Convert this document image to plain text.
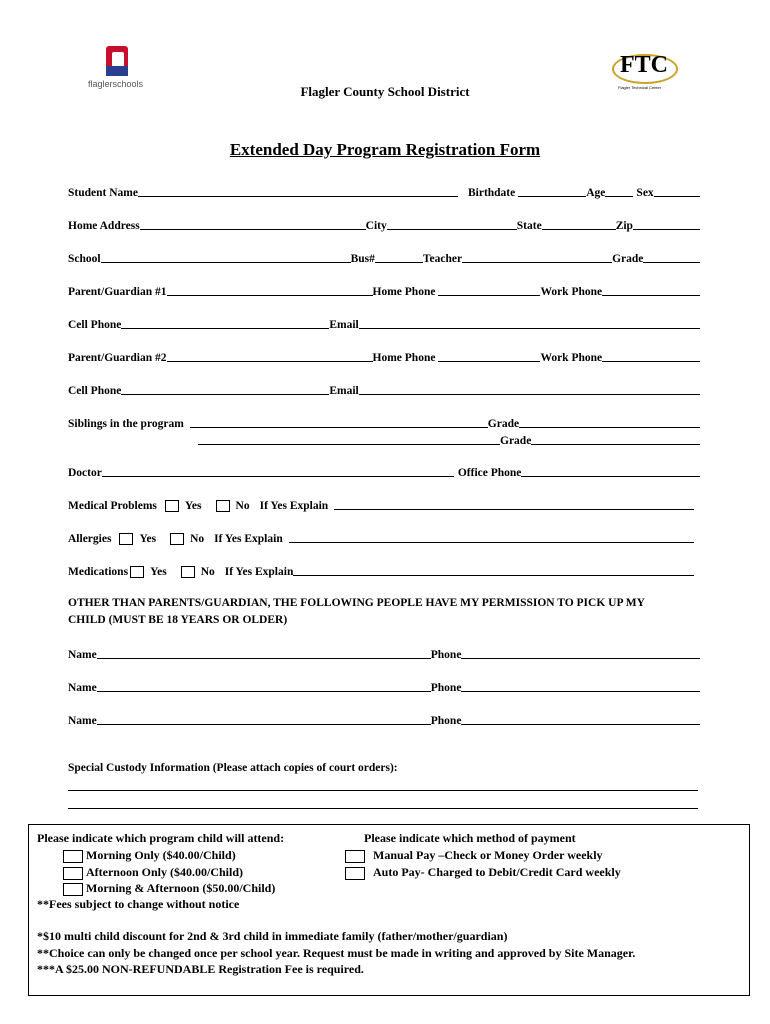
flaglerschools
FTC
Flagler Technical Center
Flagler County School District
Extended Day Program Registration Form
Student Name	Birthdate	Age	Sex
Home Address	City	State	Zip
School	Bus#	Teacher	Grade
Parent/Guardian #1	Home Phone	Work Phone
Cell Phone	Email
Parent/Guardian #2	Home Phone	Work Phone
Cell Phone	Email
Siblings in the program	Grade
Grade
Doctor	Office Phone
Medical Problems Yes	No If Yes Explain
Allergies Yes	No If Yes Explain
Medications Yes	No If Yes Explain
OTHER THAN PARENTS/GUARDIAN, THE FOLLOWING PEOPLE HAVE MY PERMISSION TO PICK UP MY
CHILD (MUST BE 18 YEARS OR OLDER)
Name	Phone
Name	Phone
Name	Phone
Special Custody Information (Please attach copies of court orders):
Please indicate which program child will attend:	Please indicate which method of payment
Morning Only ($40.00/Child)
Afternoon Only ($40.00/Child)
Morning & Afternoon ($50.00/Child)
**Fees subject to change without notice
Manual Pay –Check or Money Order weekly
Auto Pay- Charged to Debit/Credit Card weekly
*$10 multi child discount for 2nd & 3rd child in immediate family (father/mother/guardian)
**Choice can only be changed once per school year. Request must be made in writing and approved by Site Manager.
***A $25.00 NON-REFUNDABLE Registration Fee is required.
